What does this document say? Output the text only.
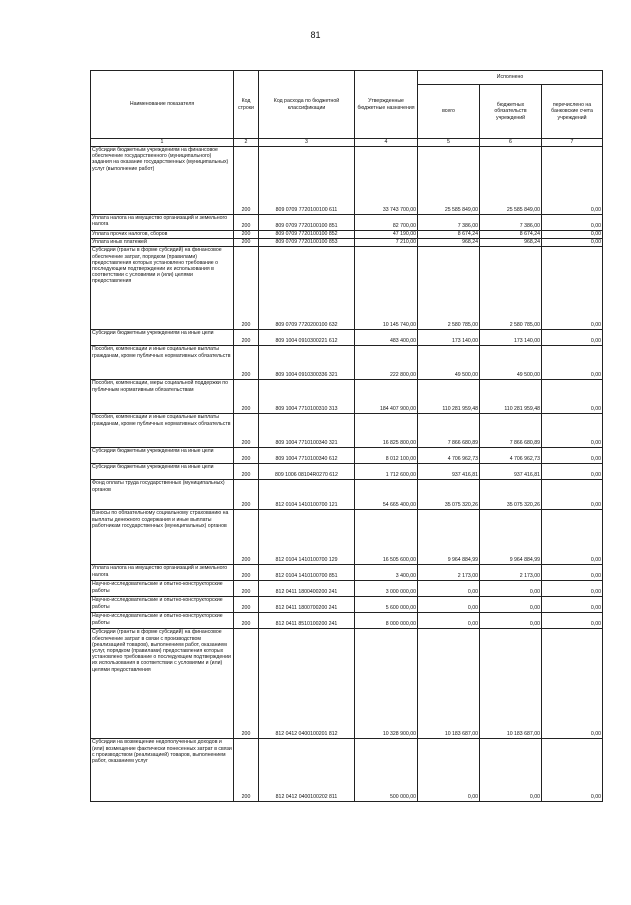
81
Наименование показателя	Код строки	Код расхода по бюджетной классификации	Утвержденные бюджетные назначения	Исполнено		
				всего	бюджетных обязательств учреждений	перечислено на банковские счета учреждений
1	2	3	4	5	6	7
Субсидии бюджетным учреждениям на финансовое обеспечение государственного (муниципального) задания на оказание государственных (муниципальных) услуг (выполнение работ)	200	809 0709 7720100100 611	33 743 700,00	25 585 849,00	25 585 849,00	0,00
Уплата налога на имущество организаций и земельного налога	200	809 0709 7720100100 851	82 700,00	7 386,00	7 386,00	0,00
Уплата прочих налогов, сборов	200	809 0709 7720100100 852	47 190,00	8 674,24	8 674,24	0,00
Уплата иных платежей	200	809 0709 7720100100 853	7 210,00	968,24	968,24	0,00
Субсидии (гранты в форме субсидий) на финансовое обеспечение затрат, порядком (правилами) предоставления которых установлено требование о последующем подтверждении их использования в соответствии с условиями и (или) целями предоставления	200	809 0709 7720200100 632	10 145 740,00	2 580 785,00	2 580 785,00	0,00
Субсидии бюджетным учреждениям на иные цели	200	809 1004 0910300221 612	483 400,00	173 140,00	173 140,00	0,00
Пособия, компенсации и иные социальные выплаты гражданам, кроме публичных нормативных обязательств	200	809 1004 0910300336 321	222 800,00	49 500,00	49 500,00	0,00
Пособия, компенсации, меры социальной поддержки по публичным нормативным обязательствам	200	809 1004 7710100310 313	184 407 900,00	110 281 959,48	110 281 959,48	0,00
Пособия, компенсации и иные социальные выплаты гражданам, кроме публичных нормативных обязательств	200	809 1004 7710100340 321	16 825 800,00	7 866 680,89	7 866 680,89	0,00
Субсидии бюджетным учреждениям на иные цели	200	809 1004 7710100340 612	8 012 100,00	4 706 962,73	4 706 962,73	0,00
Субсидии бюджетным учреждениям на иные цели	200	809 1006 08104R0270 612	1 712 600,00	937 416,81	937 416,81	0,00
Фонд оплаты труда государственных (муниципальных) органов	200	812 0104 1410100700 121	54 665 400,00	35 075 320,26	35 075 320,26	0,00
Взносы по обязательному социальному страхованию на выплаты денежного содержания и иные выплаты работникам государственных (муниципальных) органов	200	812 0104 1410100700 129	16 505 600,00	9 964 884,99	9 964 884,99	0,00
Уплата налога на имущество организаций и земельного налога	200	812 0104 1410100700 851	3 400,00	2 173,00	2 173,00	0,00
Научно-исследовательские и опытно-конструкторские работы	200	812 0411 1800400200 241	3 000 000,00	0,00	0,00	0,00
Научно-исследовательские и опытно-конструкторские работы	200	812 0411 1800700200 241	5 600 000,00	0,00	0,00	0,00
Научно-исследовательские и опытно-конструкторские работы	200	812 0411 8510100200 241	8 000 000,00	0,00	0,00	0,00
Субсидии (гранты в форме субсидий) на финансовое обеспечение затрат в связи с производством (реализацией товаров), выполнением работ, оказанием услуг, порядком (правилами) предоставления которых установлено требование о последующем подтверждении их использования в соответствии с условиями и (или) целями предоставления	200	812 0412 0400100201 812	10 328 900,00	10 183 687,00	10 183 687,00	0,00
Субсидии на возмещение недополученных доходов и (или) возмещение фактически понесенных затрат в связи с производством (реализацией) товаров, выполнением работ, оказанием услуг	200	812 0412 0400100202 811	500 000,00	0,00	0,00	0,00
